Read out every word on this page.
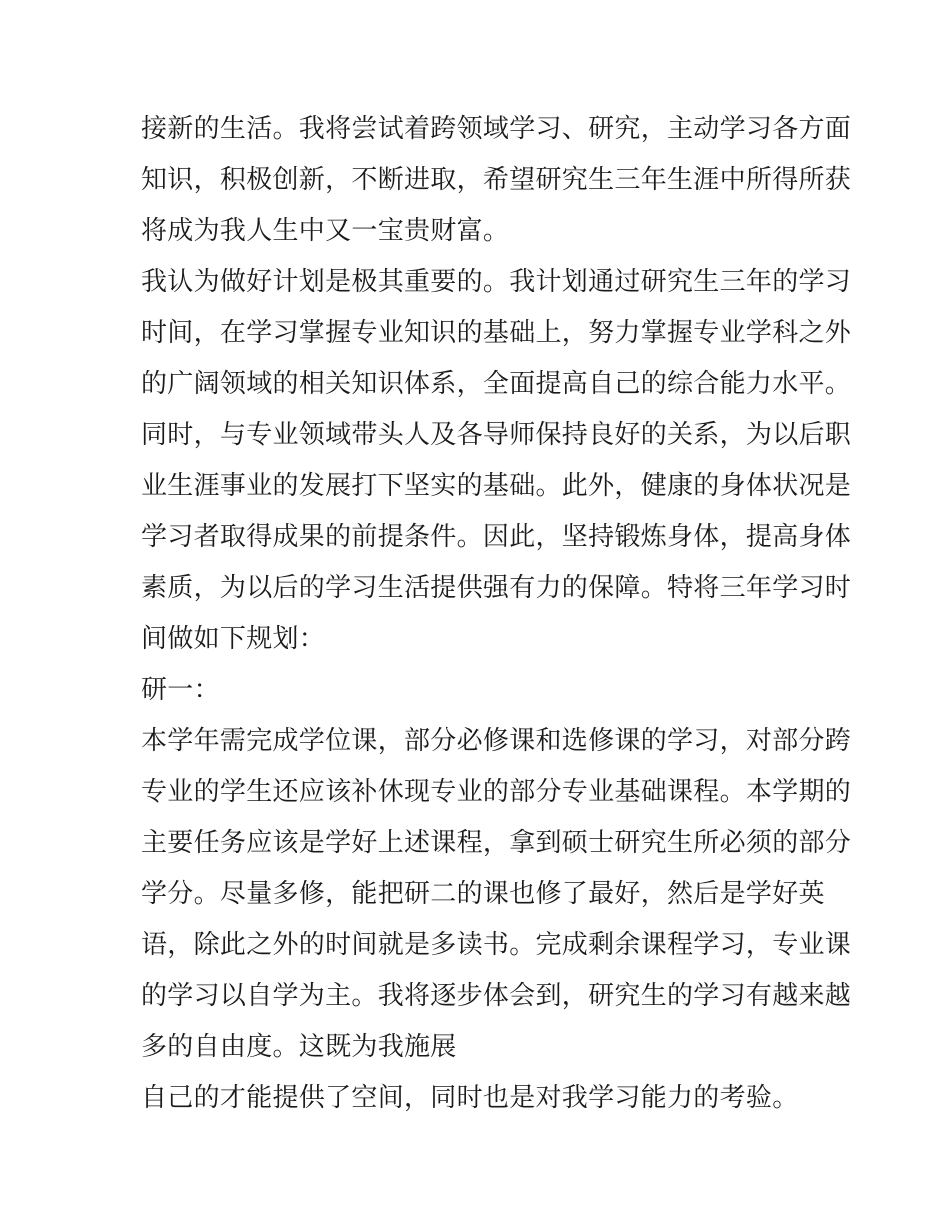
接新的生活。我将尝试着跨领域学习、研究，主动学习各方面
知识，积极创新，不断进取，希望研究生三年生涯中所得所获
将成为我人生中又一宝贵财富。
我认为做好计划是极其重要的。我计划通过研究生三年的学习
时间，在学习掌握专业知识的基础上，努力掌握专业学科之外
的广阔领域的相关知识体系，全面提高自己的综合能力水平。
同时，与专业领域带头人及各导师保持良好的关系，为以后职
业生涯事业的发展打下坚实的基础。此外，健康的身体状况是
学习者取得成果的前提条件。因此，坚持锻炼身体，提高身体
素质，为以后的学习生活提供强有力的保障。特将三年学习时
间做如下规划：
研一：
本学年需完成学位课，部分必修课和选修课的学习，对部分跨
专业的学生还应该补休现专业的部分专业基础课程。本学期的
主要任务应该是学好上述课程，拿到硕士研究生所必须的部分
学分。尽量多修，能把研二的课也修了最好，然后是学好英
语，除此之外的时间就是多读书。完成剩余课程学习，专业课
的学习以自学为主。我将逐步体会到，研究生的学习有越来越
多的自由度。这既为我施展
自己的才能提供了空间，同时也是对我学习能力的考验。
